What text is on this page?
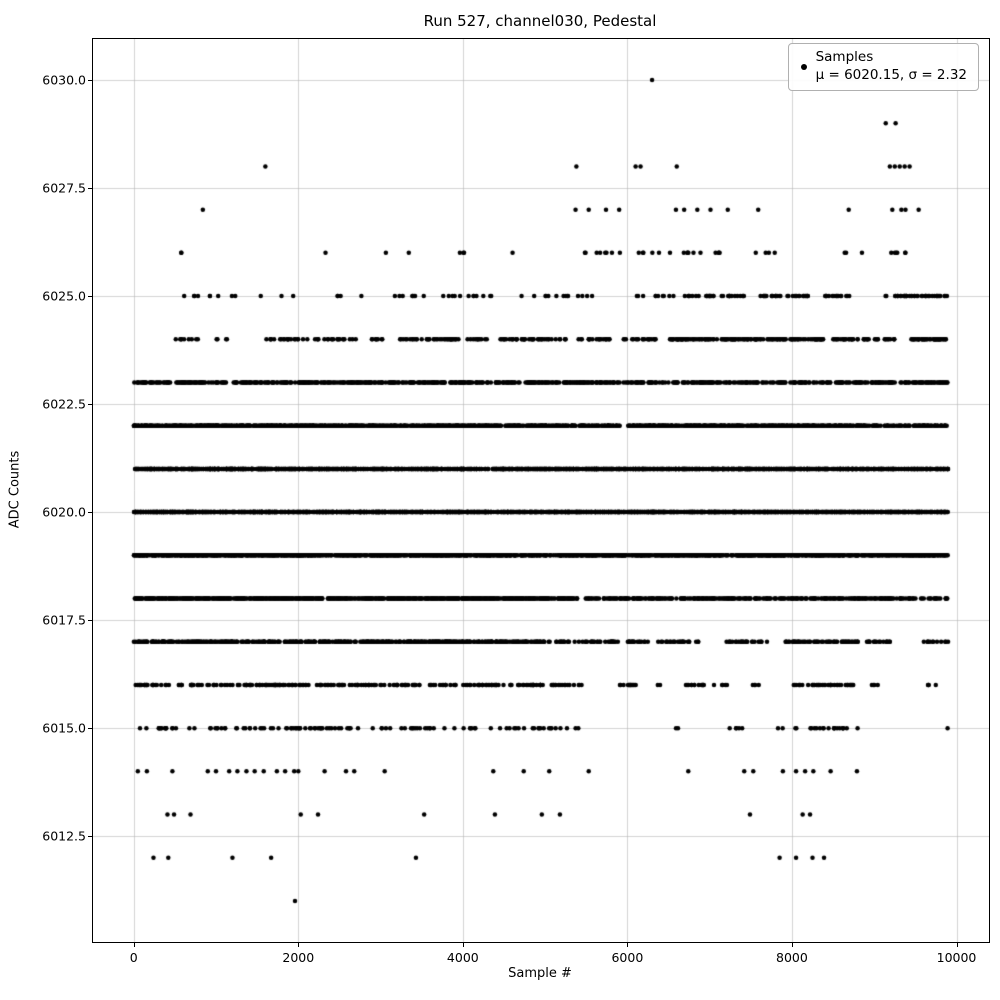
Run 527, channel030, Pedestal
0	2000	4000	6000	8000	10000
6012.5
6015.0
6017.5
6020.0
6022.5
6025.0
6027.5
6030.0
Samples
μ = 6020.15, σ = 2.32
Sample #
ADC Counts
